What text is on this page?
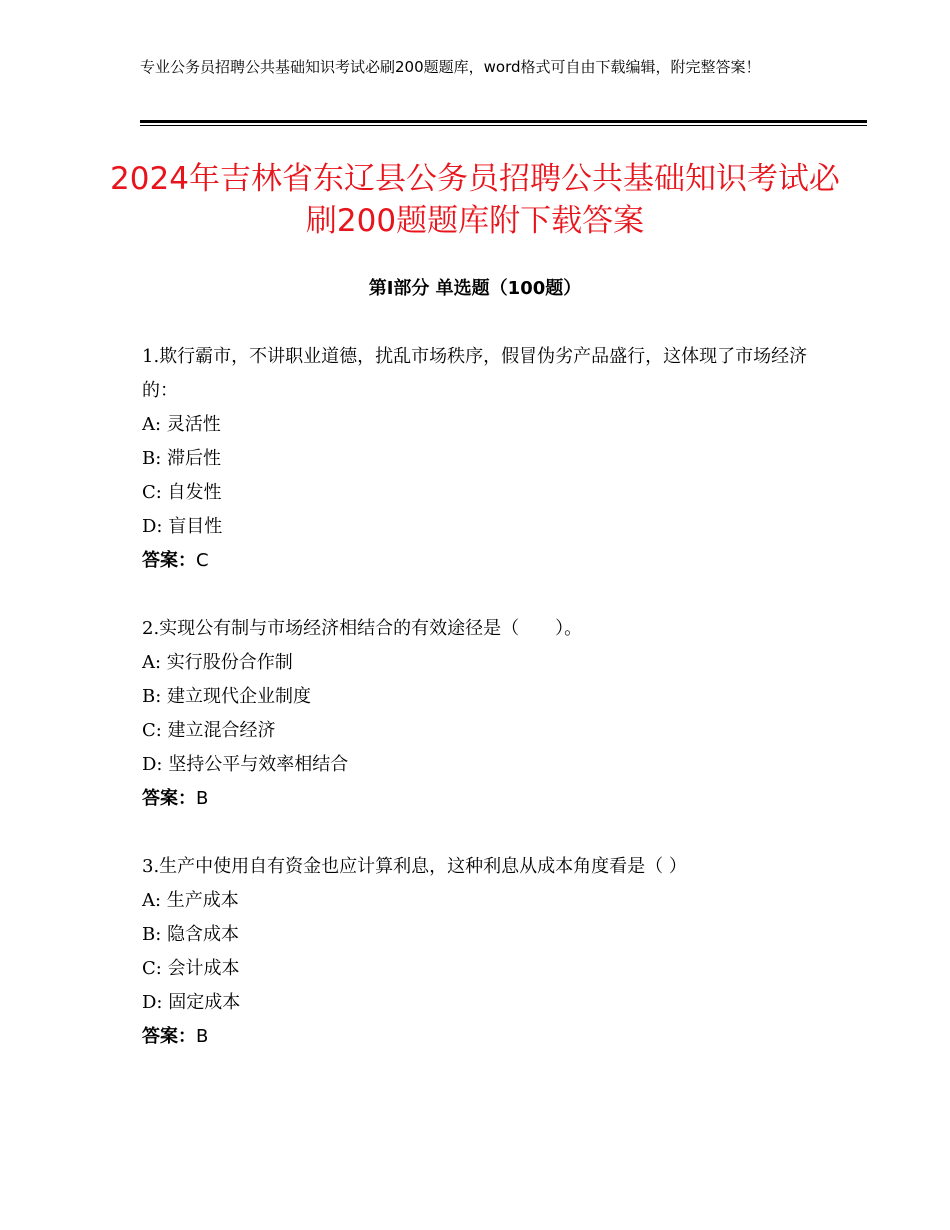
专业公务员招聘公共基础知识考试必刷200题题库，word格式可自由下载编辑，附完整答案！
2024年吉林省东辽县公务员招聘公共基础知识考试必刷200题题库附下载答案
第Ⅰ部分 单选题（100题）

1.欺行霸市，不讲职业道德，扰乱市场秩序，假冒伪劣产品盛行，这体现了市场经济的：

A: 灵活性

B: 滞后性

C: 自发性

D: 盲目性

答案：C

2.实现公有制与市场经济相结合的有效途径是（　　）。

A: 实行股份合作制

B: 建立现代企业制度

C: 建立混合经济

D: 坚持公平与效率相结合

答案：B

3.生产中使用自有资金也应计算利息，这种利息从成本角度看是（ ）

A: 生产成本

B: 隐含成本

C: 会计成本

D: 固定成本

答案：B
